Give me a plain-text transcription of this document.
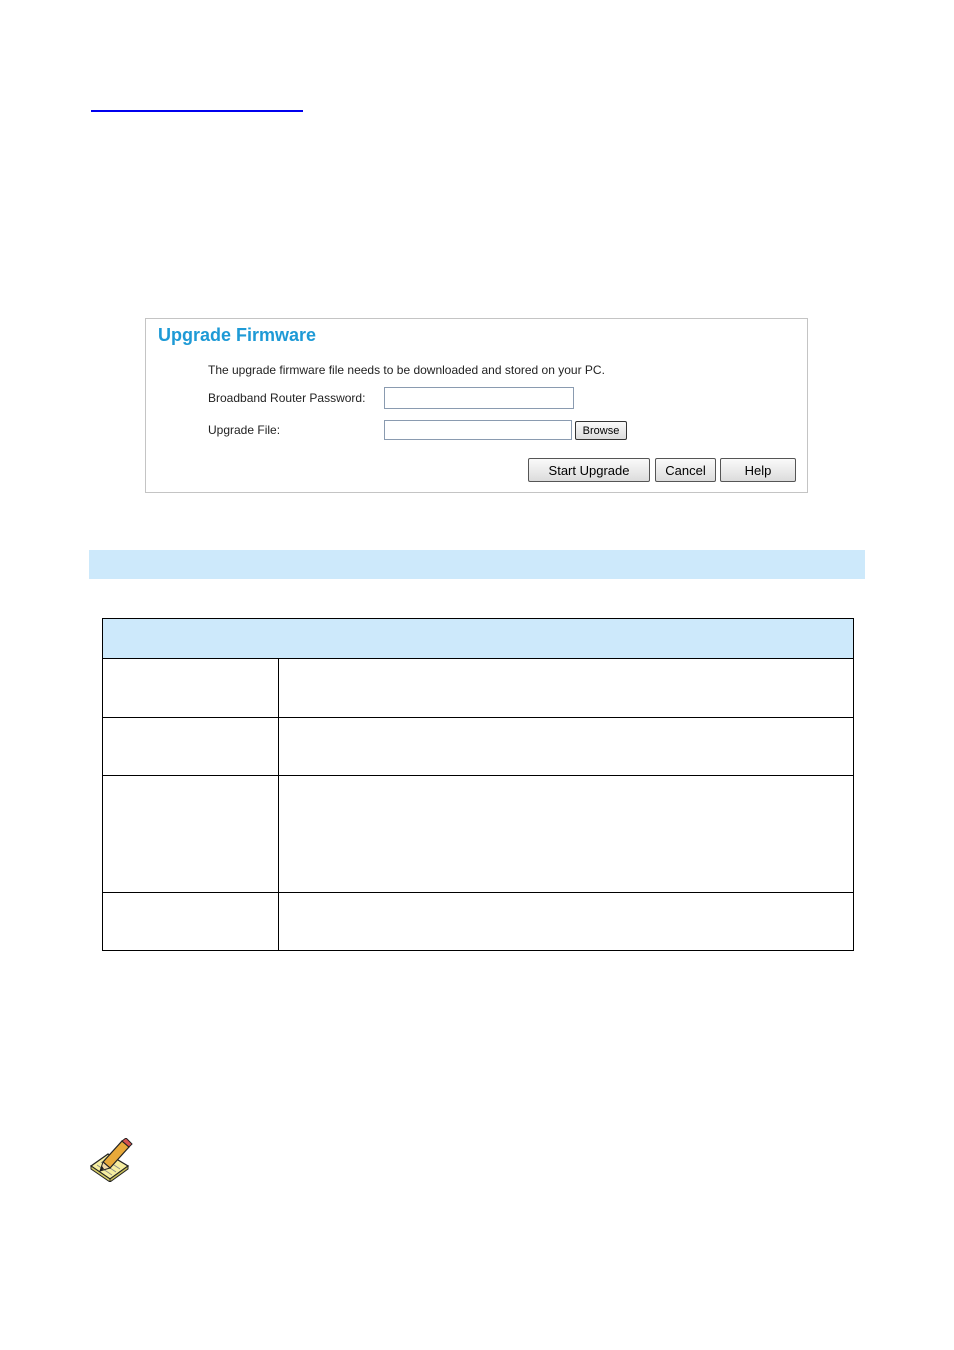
Upgrade Firmware
The upgrade firmware file needs to be downloaded and stored on your PC.
Broadband Router Password:
Upgrade File:	Browse
Start Upgrade	Cancel	Help
